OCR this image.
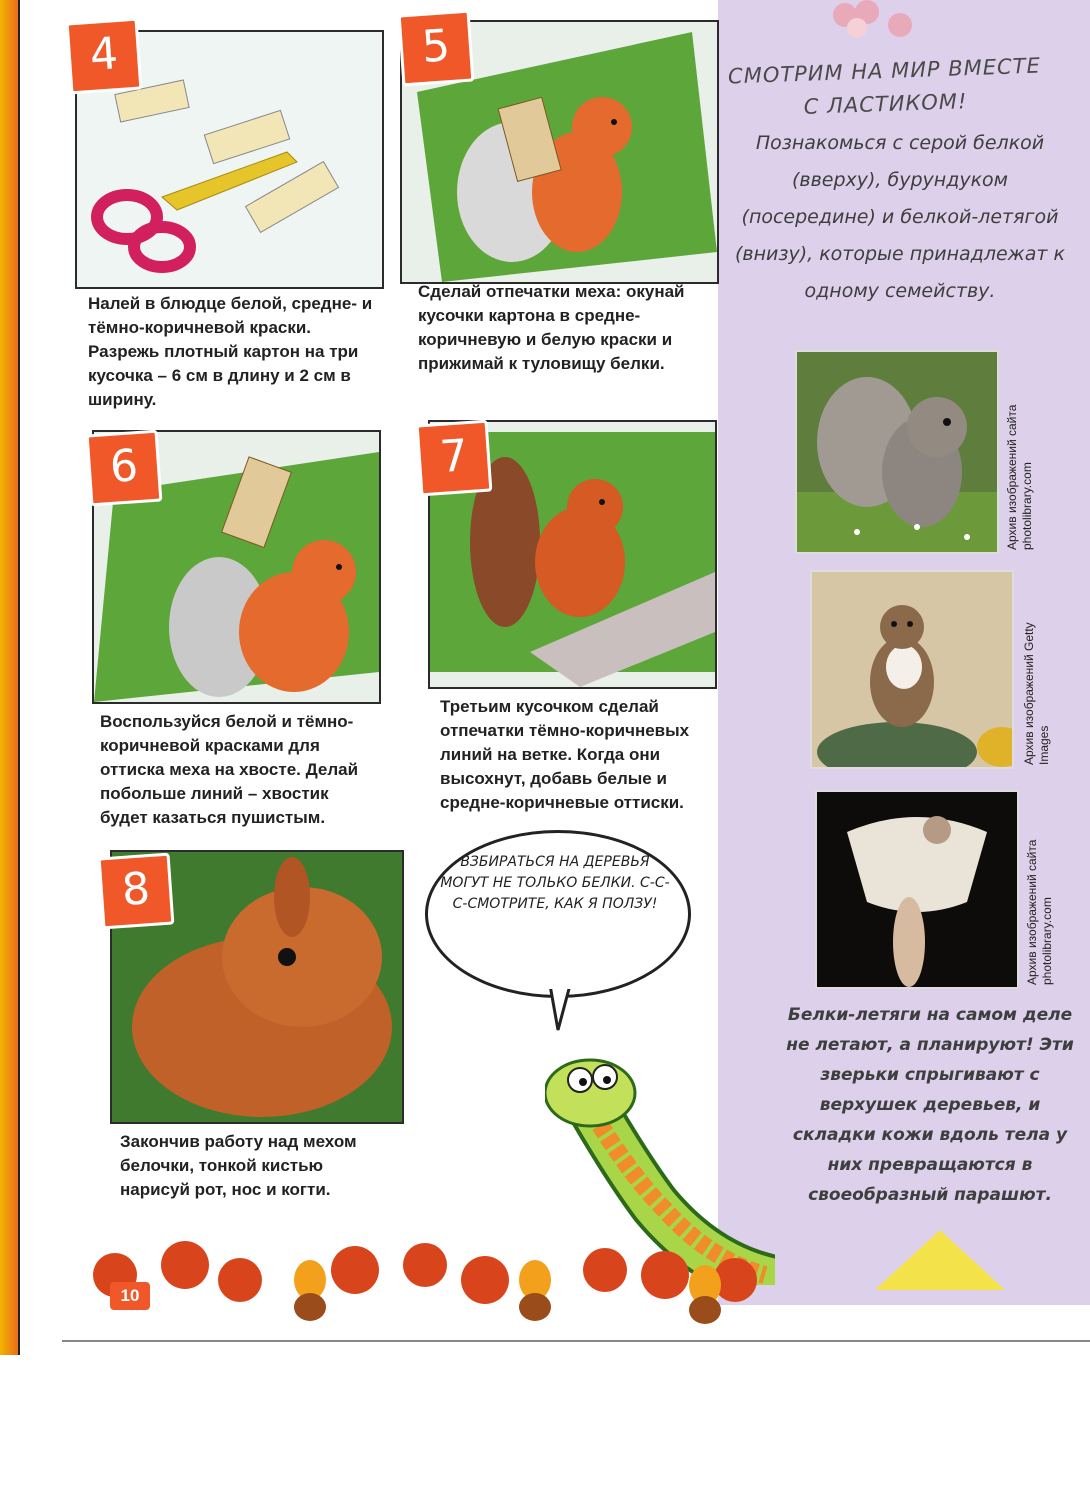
СМОТРИМ НА МИР ВМЕСТЕ С ЛАСТИКОМ!
Познакомься с серой белкой (вверху), бурундуком (посередине) и белкой-летягой (внизу), которые принадлежат к одному семейству.
Архив изображений сайта photolibrary.com
Архив изображений Getty Images
Архив изображений сайта photolibrary.com
Белки-летяги на самом деле не летают, а планируют! Эти зверьки спрыгивают с верхушек деревьев, и складки кожи вдоль тела у них превращаются в своеобразный парашют.
4
Налей в блюдце белой, средне- и тёмно-коричневой краски. Разрежь плотный картон на три кусочка – 6 см в длину и 2 см в ширину.
5
Сделай отпечатки меха: окунай кусочки картона в средне-коричневую и белую краски и прижимай к туловищу белки.
6
Воспользуйся белой и тёмно-коричневой красками для оттиска меха на хвосте. Делай побольше линий – хвостик будет казаться пушистым.
7
Третьим кусочком сделай отпечатки тёмно-коричневых линий на ветке. Когда они высохнут, добавь белые и средне-коричневые оттиски.
8
Закончив работу над мехом белочки, тонкой кистью нарисуй рот, нос и когти.
ВЗБИРАТЬСЯ НА ДЕРЕВЬЯ МОГУТ НЕ ТОЛЬКО БЕЛКИ. С-С-С-СМОТРИТЕ, КАК Я ПОЛЗУ!
10
